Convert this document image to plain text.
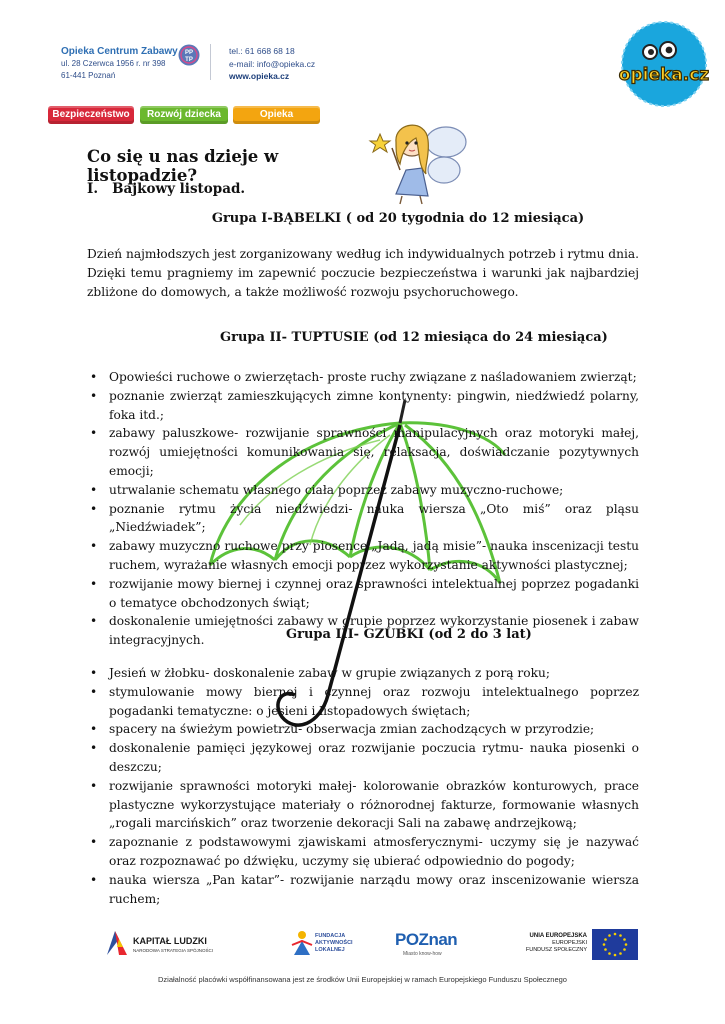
Opieka Centrum Zabawy
ul. 28 Czerwca 1956 r. nr 398
61-441 Poznań
PP
TP
tel.: 61 668 68 18
e-mail: info@opieka.cz
www.opieka.cz	opieka.cz
Bezpieczeństwo	Rozwój dziecka	Opieka
Co się u nas dzieje w listopadzie?
I.   Bajkowy listopad.
Grupa I-BĄBELKI ( od 20 tygodnia do 12 miesiąca)
Dzień najmłodszych jest zorganizowany według ich indywidualnych potrzeb i rytmu dnia. Dzięki temu pragniemy im zapewnić poczucie bezpieczeństwa i warunki jak najbardziej zbliżone do domowych, a także możliwość rozwoju psychoruchowego.
Grupa II- TUPTUSIE (od 12 miesiąca do 24 miesiąca)
• Opowieści ruchowe o zwierzętach- proste ruchy związane z naśladowaniem zwierząt;
• poznanie zwierząt zamieszkujących zimne kontynenty: pingwin, niedźwiedź polarny, foka itd.;
• zabawy paluszkowe- rozwijanie sprawności manipulacyjnych oraz motoryki małej, rozwój umiejętności komunikowania się, relaksacja, doświadczanie pozytywnych emocji;
• utrwalanie schematu własnego ciała poprzez zabawy muzyczno-ruchowe;
• poznanie rytmu życia niedźwiedzi- nauka wiersza „Oto miś” oraz pląsu „Niedźwiadek”;
• zabawy muzyczno ruchowe przy piosence „Jadą, jadą misie”- nauka inscenizacji testu ruchem, wyrażanie własnych emocji poprzez wykorzystanie aktywności plastycznej;
• rozwijanie mowy biernej i czynnej oraz sprawności intelektualnej poprzez pogadanki o tematyce obchodzonych świąt;
• doskonalenie umiejętności zabawy w grupie poprzez wykorzystanie piosenek i zabaw integracyjnych.	Grupa III- GZUBKI (od 2 do 3 lat)
• Jesień w żłobku- doskonalenie zabaw w grupie związanych z porą roku;
• stymulowanie mowy biernej i czynnej oraz rozwoju intelektualnego poprzez pogadanki tematyczne: o jesieni i listopadowych świętach;
• spacery na świeżym powietrzu- obserwacja zmian zachodzących w przyrodzie;
• doskonalenie pamięci językowej oraz rozwijanie poczucia rytmu- nauka piosenki o deszczu;
• rozwijanie sprawności motoryki małej- kolorowanie obrazków konturowych, prace plastyczne wykorzystujące materiały o różnorodnej fakturze, formowanie własnych „rogali marcińskich” oraz tworzenie dekoracji Sali na zabawę andrzejkową;
• zapoznanie z podstawowymi zjawiskami atmosferycznymi- uczymy się je nazywać oraz rozpoznawać po dźwięku, uczymy się ubierać odpowiednio do pogody;
• nauka wiersza „Pan katar”- rozwijanie narządu mowy oraz inscenizowanie wiersza ruchem;
KAPITAŁ LUDZKI
NARODOWA STRATEGIA SPÓJNOŚCI
FUNDACJA
AKTYWNOŚCI
LOKALNEJ
POZnan
Miasto know-how
UNIA EUROPEJSKA
EUROPEJSKI
FUNDUSZ SPOŁECZNY
Działalność placówki współfinansowana jest ze środków Unii Europejskiej w ramach Europejskiego Funduszu Społecznego
